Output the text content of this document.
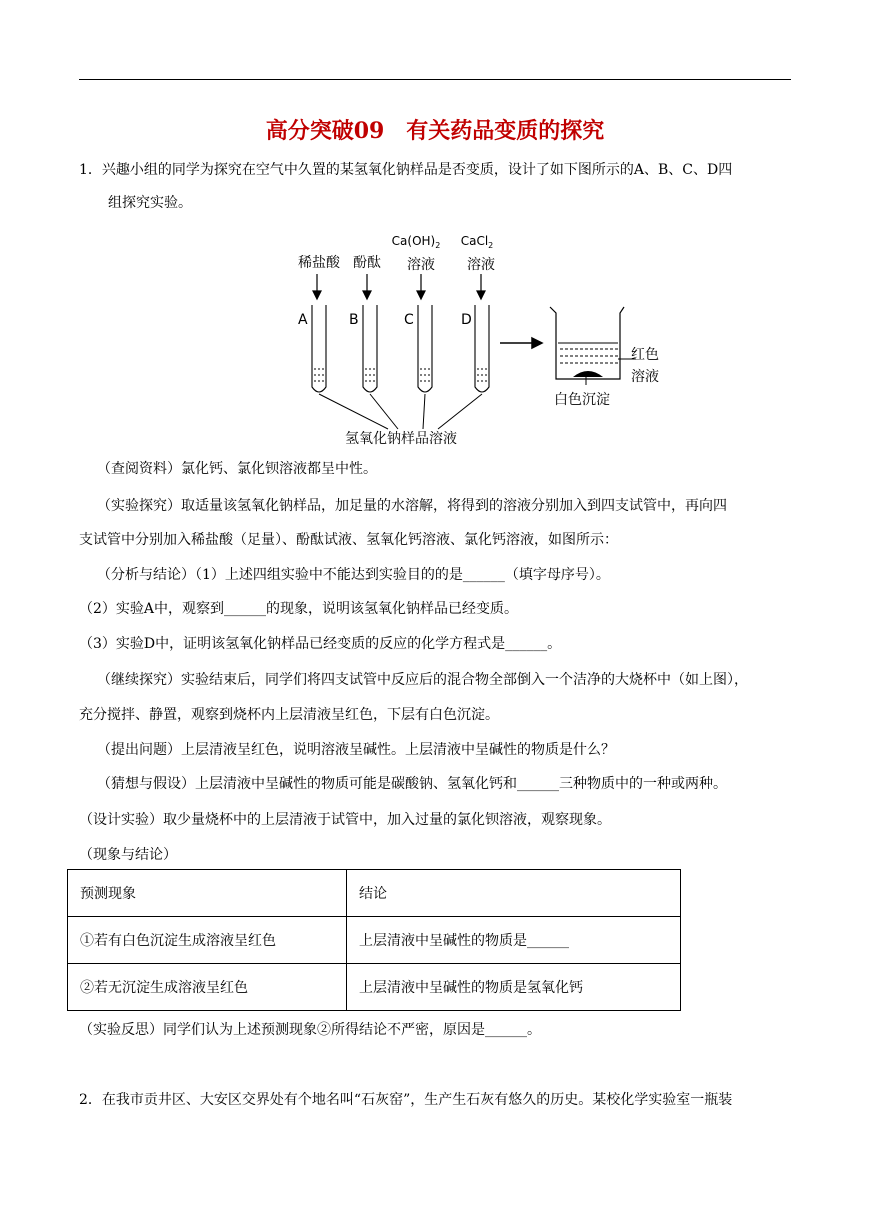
高分突破09　有关药品变质的探究
1．兴趣小组的同学为探究在空气中久置的某氢氧化钠样品是否变质，设计了如下图所示的A、B、C、D四
组探究实验。
稀盐酸 酚酞
$Ca(OH)_2$
溶液
CaCl$_2$
溶液
A	B	C	D
氢氧化钠样品溶液
红色
溶液
白色沉淀
（查阅资料）氯化钙、氯化钡溶液都呈中性。
（实验探究）取适量该氢氧化钠样品，加足量的水溶解，将得到的溶液分别加入到四支试管中，再向四
支试管中分别加入稀盐酸（足量）、酚酞试液、氢氧化钙溶液、氯化钙溶液，如图所示：
（分析与结论）（1）上述四组实验中不能达到实验目的的是______（填字母序号）。
（2）实验A中，观察到______的现象，说明该氢氧化钠样品已经变质。
（3）实验D中，证明该氢氧化钠样品已经变质的反应的化学方程式是______。
（继续探究）实验结束后，同学们将四支试管中反应后的混合物全部倒入一个洁净的大烧杯中（如上图），
充分搅拌、静置，观察到烧杯内上层清液呈红色，下层有白色沉淀。
（提出问题）上层清液呈红色，说明溶液呈碱性。上层清液中呈碱性的物质是什么？
（猜想与假设）上层清液中呈碱性的物质可能是碳酸钠、氢氧化钙和______三种物质中的一种或两种。
（设计实验）取少量烧杯中的上层清液于试管中，加入过量的氯化钡溶液，观察现象。
（现象与结论）
预测现象	结论
①若有白色沉淀生成溶液呈红色	上层清液中呈碱性的物质是______
②若无沉淀生成溶液呈红色	上层清液中呈碱性的物质是氢氧化钙
（实验反思）同学们认为上述预测现象②所得结论不严密，原因是______。
2．在我市贡井区、大安区交界处有个地名叫“石灰窑”，生产生石灰有悠久的历史。某校化学实验室一瓶装
